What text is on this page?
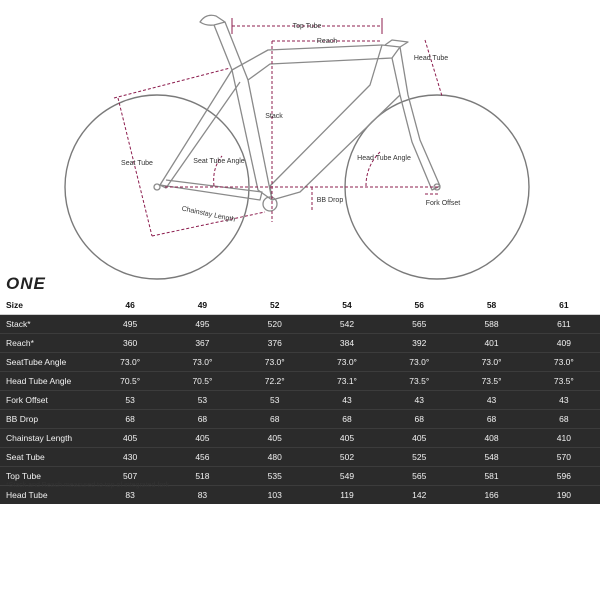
Top Tube
Reach
Head Tube
Stack
Seat Tube	Seat Tube Angle	Head Tube Angle
BB Drop
Chainstay Length
Fork Offset
ONE
Size	46	49	52	54	56	58	61
Stack*	495	495	520	542	565	588	611
Reach*	360	367	376	384	392	401	409
SeatTube Angle	73.0°	73.0°	73.0°	73.0°	73.0°	73.0°	73.0°
Head Tube Angle	70.5°	70.5°	72.2°	73.1°	73.5°	73.5°	73.5°
Fork Offset	53	53	53	43	43	43	43
BB Drop	68	68	68	68	68	68	68
Chainstay Length	405	405	405	405	405	408	410
Seat Tube	430	456	480	502	525	548	570
Top Tube	507	518	535	549	565	581	596
Head Tube	83	83	103	119	142	166	190
*Stack and Reach measured to top of integrated fork
